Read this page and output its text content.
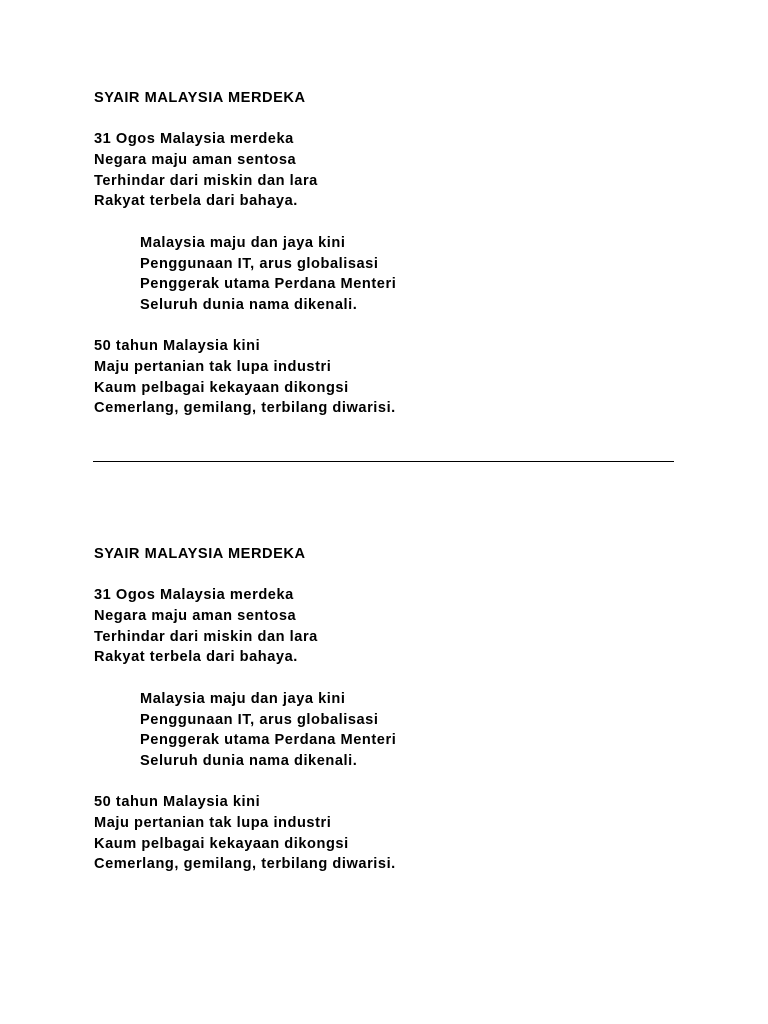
SYAIR MALAYSIA MERDEKA
31 Ogos Malaysia merdeka
Negara maju aman sentosa
Terhindar dari miskin dan lara
Rakyat terbela dari bahaya.
Malaysia maju dan jaya kini
Penggunaan IT, arus globalisasi
Penggerak utama Perdana Menteri
Seluruh dunia nama dikenali.
50 tahun Malaysia kini
Maju pertanian tak lupa industri
Kaum pelbagai kekayaan dikongsi
Cemerlang, gemilang, terbilang diwarisi.
SYAIR MALAYSIA MERDEKA
31 Ogos Malaysia merdeka
Negara maju aman sentosa
Terhindar dari miskin dan lara
Rakyat terbela dari bahaya.
Malaysia maju dan jaya kini
Penggunaan IT, arus globalisasi
Penggerak utama Perdana Menteri
Seluruh dunia nama dikenali.
50 tahun Malaysia kini
Maju pertanian tak lupa industri
Kaum pelbagai kekayaan dikongsi
Cemerlang, gemilang, terbilang diwarisi.
